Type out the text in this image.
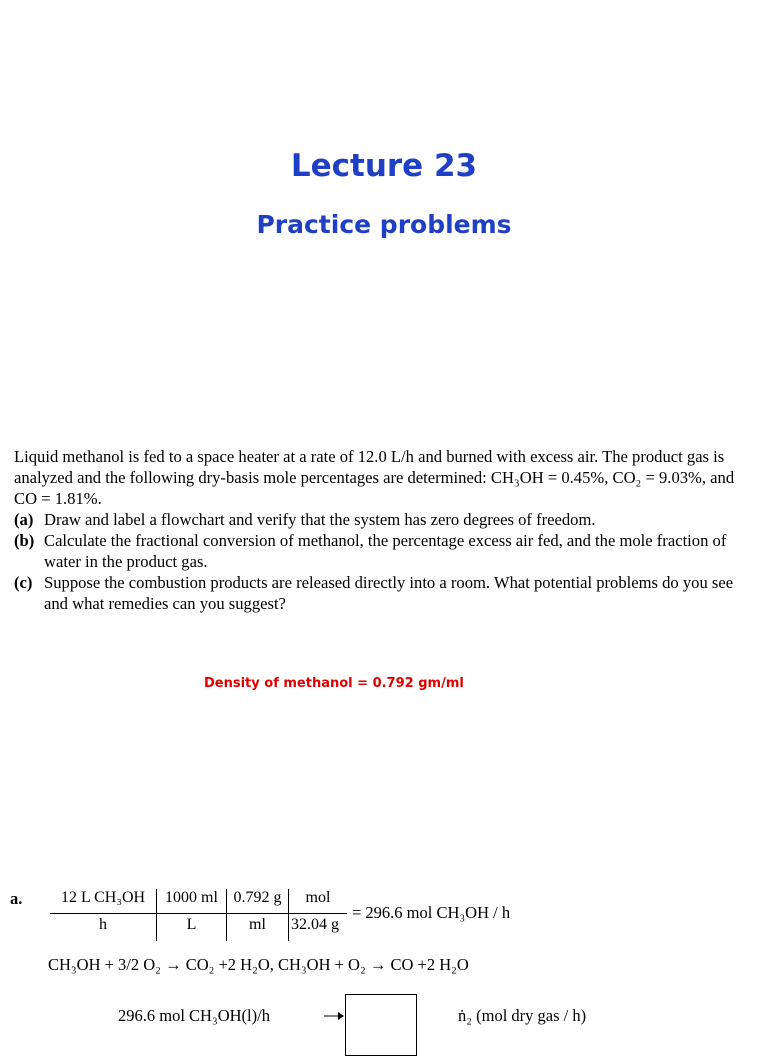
Lecture 23
Practice problems

Liquid methanol is fed to a space heater at a rate of 12.0 L/h and burned with excess air. The product gas is analyzed and the following dry-basis mole percentages are determined: CH₃OH = 0.45%, CO₂ = 9.03%, and CO = 1.81%.

(a) Draw and label a flowchart and verify that the system has zero degrees of freedom.

(b) Calculate the fractional conversion of methanol, the percentage excess air fed, and the mole fraction of water in the product gas.

(c) Suppose the combustion products are released directly into a room. What potential problems do you see and what remedies can you suggest?

Density of methanol = 0.792 gm/ml
a.	12 L CH₃OH
h
1000 ml
L
0.792 g
ml
mol
32.04 g
= 296.6 mol CH₃OH / h
CH₃OH + 3/2 O₂ → CO₂ +2 H₂O, CH₃OH + O₂ → CO +2 H₂O
296.6 mol CH₃OH(l)/h	ṅ₂ (mol dry gas / h)
